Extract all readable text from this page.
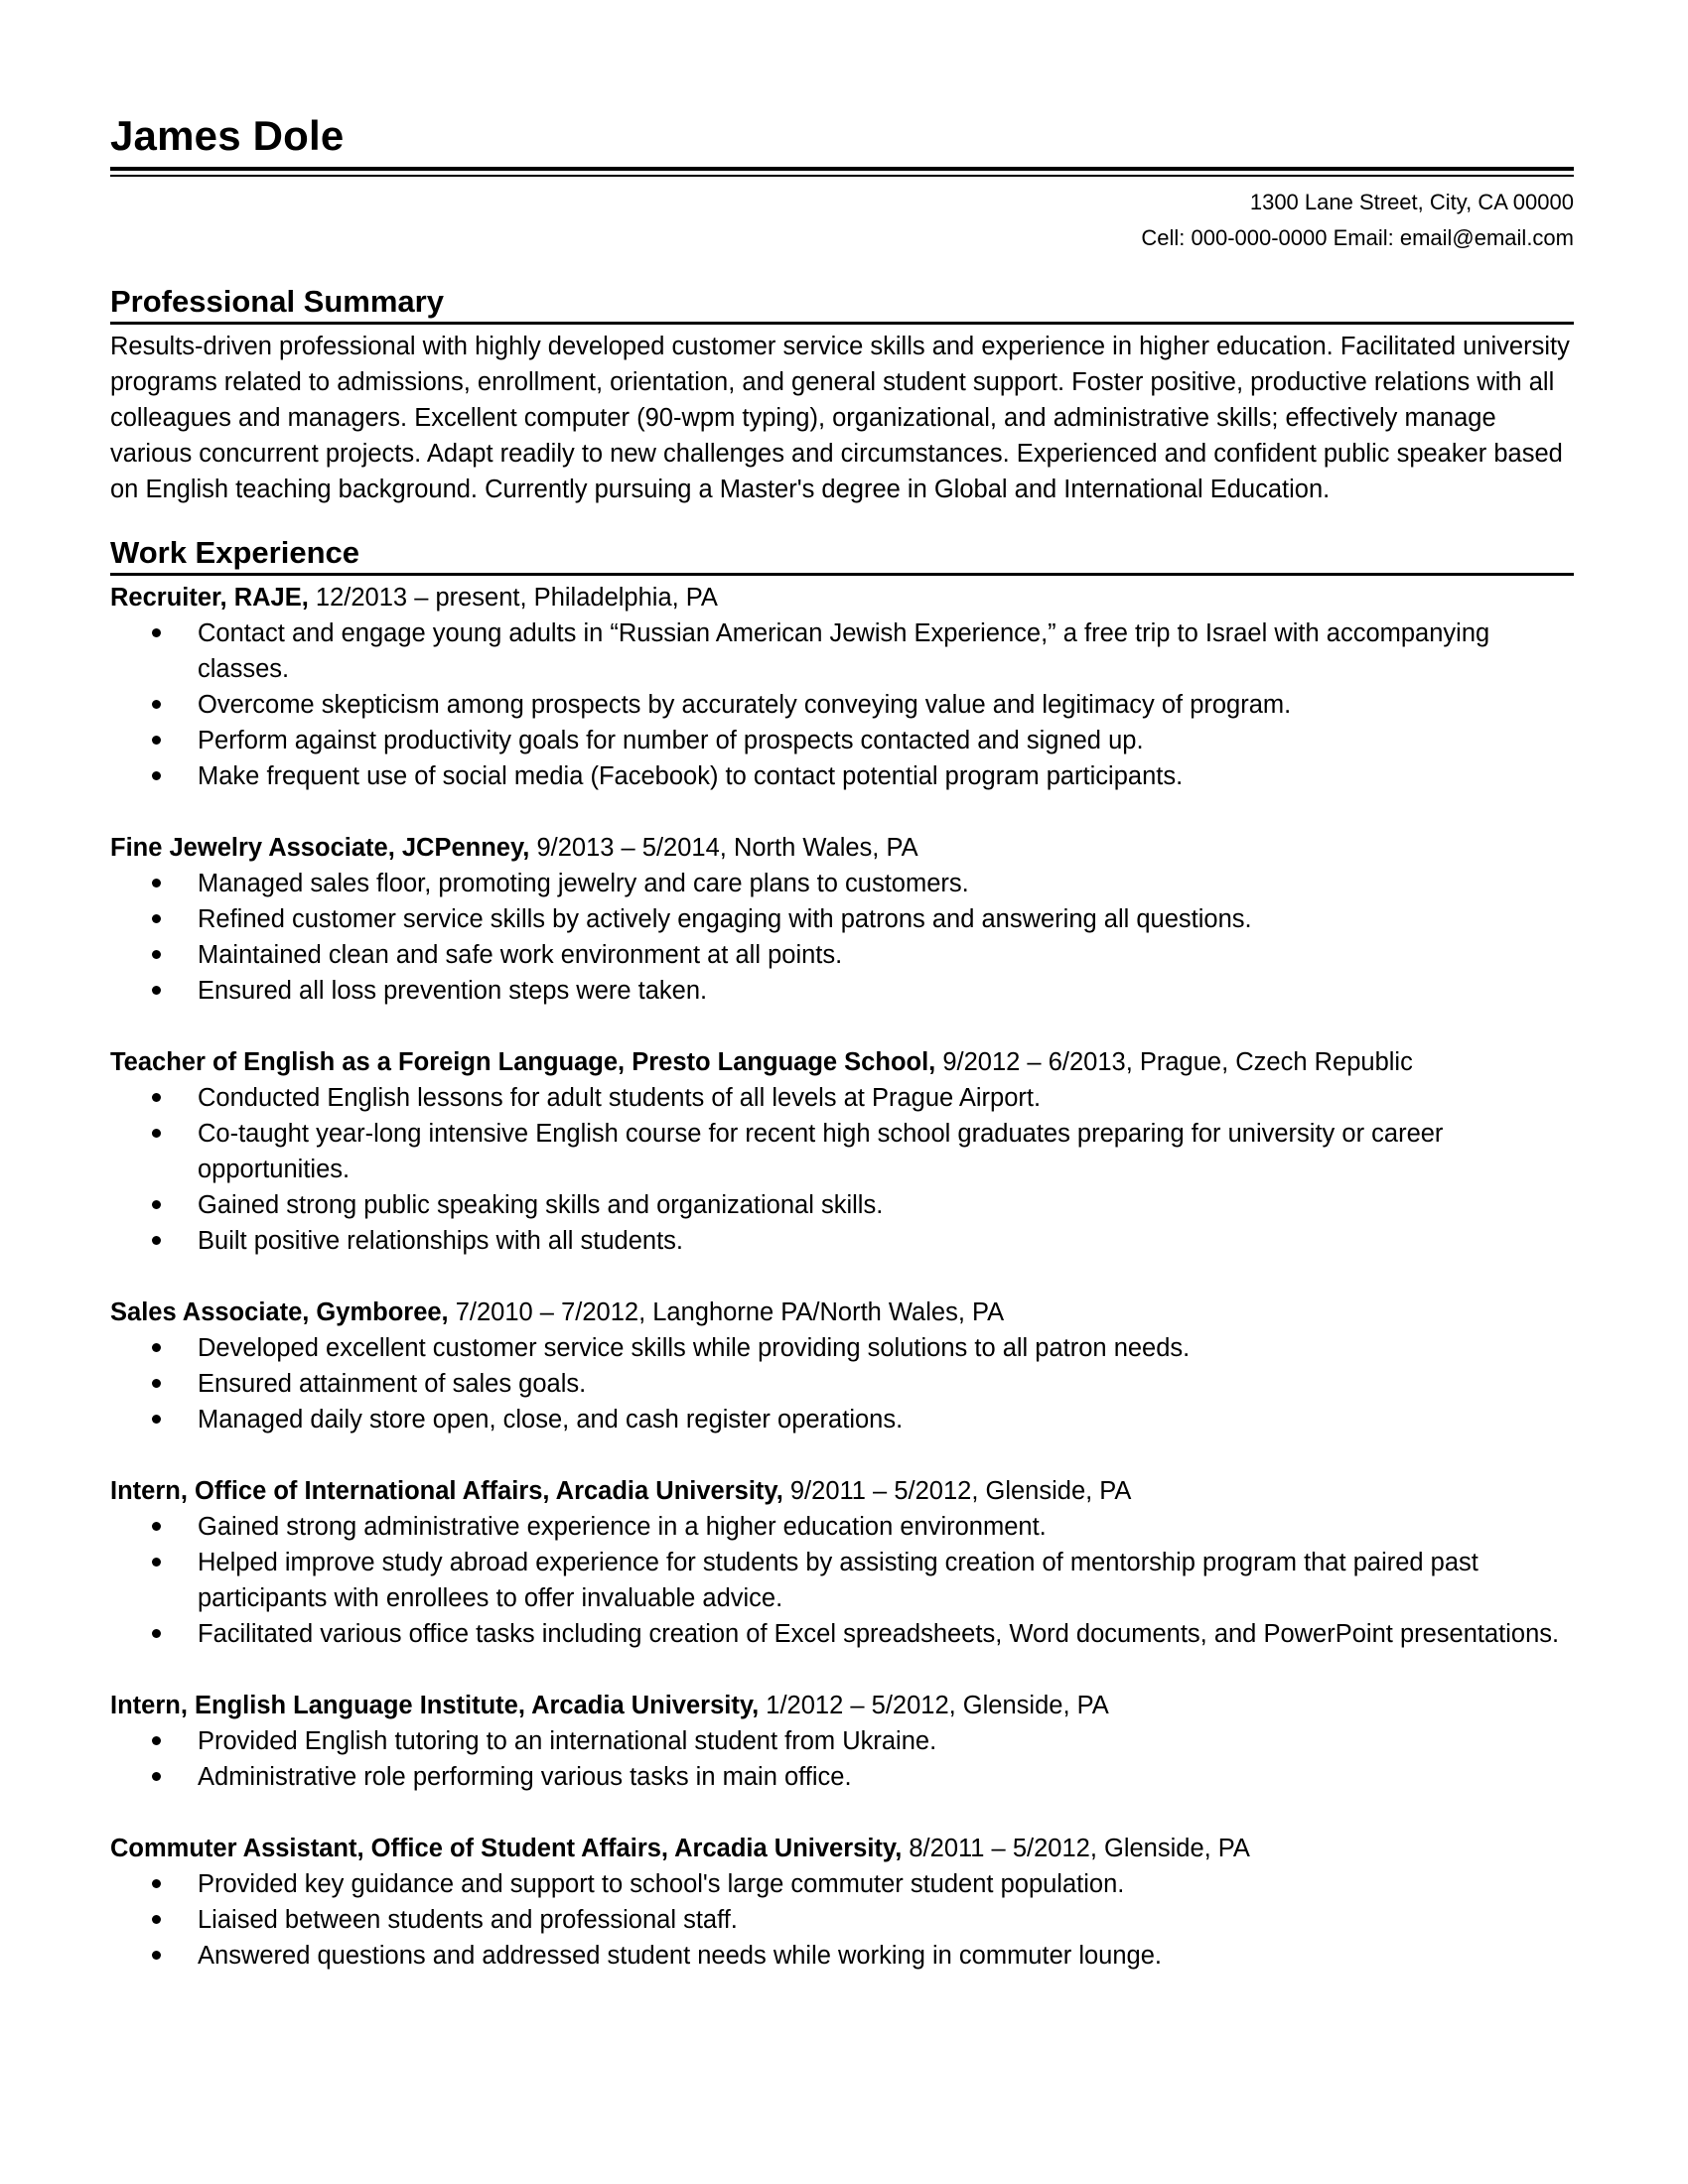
James Dole
1300 Lane Street, City, CA 00000
Cell: 000-000-0000 Email: email@email.com
Professional Summary
Results-driven professional with highly developed customer service skills and experience in higher education. Facilitated university programs related to admissions, enrollment, orientation, and general student support. Foster positive, productive relations with all colleagues and managers. Excellent computer (90-wpm typing), organizational, and administrative skills; effectively manage various concurrent projects. Adapt readily to new challenges and circumstances. Experienced and confident public speaker based on English teaching background. Currently pursuing a Master's degree in Global and International Education.
Work Experience
Recruiter, RAJE, 12/2013 – present, Philadelphia, PA
Contact and engage young adults in “Russian American Jewish Experience,” a free trip to Israel with accompanying classes.
Overcome skepticism among prospects by accurately conveying value and legitimacy of program.
Perform against productivity goals for number of prospects contacted and signed up.
Make frequent use of social media (Facebook) to contact potential program participants.
Fine Jewelry Associate, JCPenney, 9/2013 – 5/2014, North Wales, PA
Managed sales floor, promoting jewelry and care plans to customers.
Refined customer service skills by actively engaging with patrons and answering all questions.
Maintained clean and safe work environment at all points.
Ensured all loss prevention steps were taken.
Teacher of English as a Foreign Language, Presto Language School, 9/2012 – 6/2013, Prague, Czech Republic
Conducted English lessons for adult students of all levels at Prague Airport.
Co-taught year-long intensive English course for recent high school graduates preparing for university or career opportunities.
Gained strong public speaking skills and organizational skills.
Built positive relationships with all students.
Sales Associate, Gymboree, 7/2010 – 7/2012, Langhorne PA/North Wales, PA
Developed excellent customer service skills while providing solutions to all patron needs.
Ensured attainment of sales goals.
Managed daily store open, close, and cash register operations.
Intern, Office of International Affairs, Arcadia University, 9/2011 – 5/2012, Glenside, PA
Gained strong administrative experience in a higher education environment.
Helped improve study abroad experience for students by assisting creation of mentorship program that paired past participants with enrollees to offer invaluable advice.
Facilitated various office tasks including creation of Excel spreadsheets, Word documents, and PowerPoint presentations.
Intern, English Language Institute, Arcadia University, 1/2012 – 5/2012, Glenside, PA
Provided English tutoring to an international student from Ukraine.
Administrative role performing various tasks in main office.
Commuter Assistant, Office of Student Affairs, Arcadia University, 8/2011 – 5/2012, Glenside, PA
Provided key guidance and support to school's large commuter student population.
Liaised between students and professional staff.
Answered questions and addressed student needs while working in commuter lounge.
